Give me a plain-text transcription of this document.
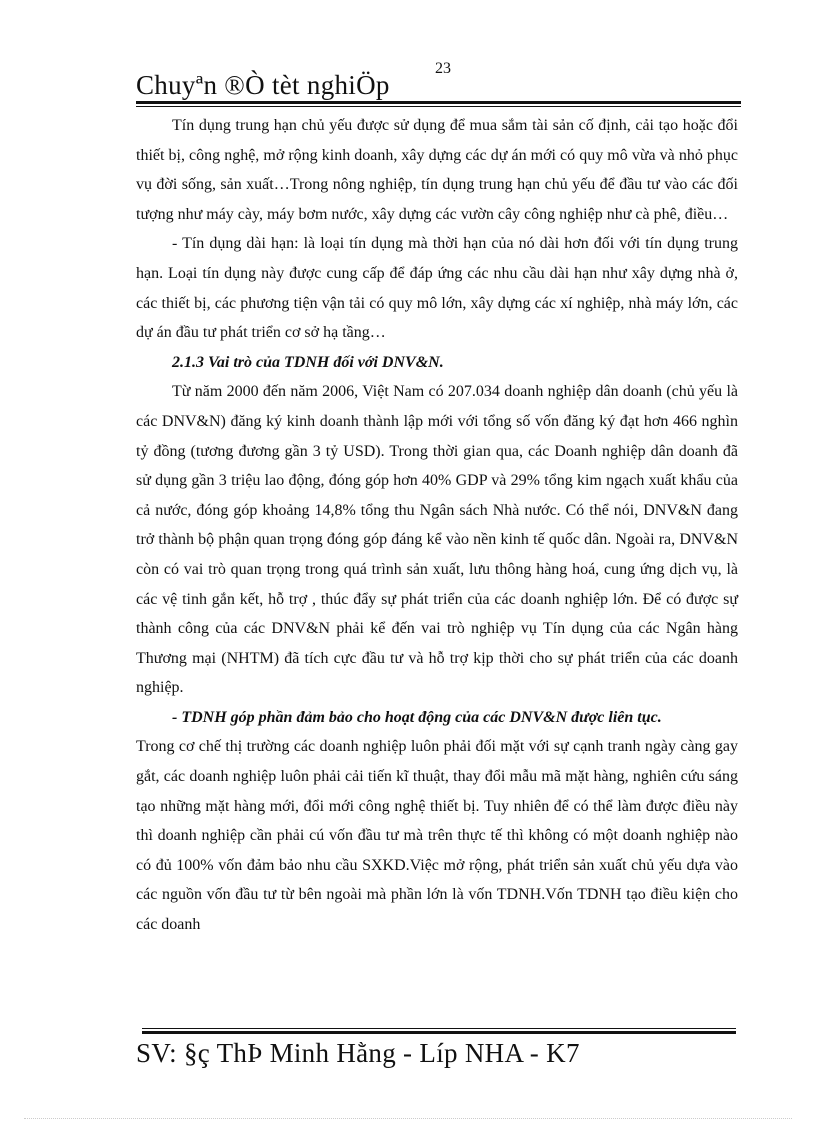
Chuyªn ®Ò tèt nghiÖp
23

Tín dụng trung hạn chủ yếu được sử dụng để mua sắm tài sản cố định, cải tạo hoặc đổi thiết bị, công nghệ, mở rộng kinh doanh, xây dựng các dự án mới có quy mô vừa và nhỏ phục vụ đời sống, sản xuất…Trong nông nghiệp, tín dụng trung hạn chủ yếu để đầu tư vào các đối tượng như máy cày, máy bơm nước, xây dựng các vườn cây công nghiệp như cà phê, điều…

- Tín dụng dài hạn: là loại tín dụng mà thời hạn của nó dài hơn đối với tín dụng trung hạn. Loại tín dụng này được cung cấp để đáp ứng các nhu cầu dài hạn như xây dựng nhà ở, các thiết bị, các phương tiện vận tải có quy mô lớn, xây dựng các xí nghiệp, nhà máy lớn, các dự án đầu tư phát triển cơ sở hạ tầng…

2.1.3 Vai trò của TDNH đối với DNV&N.

Từ năm 2000 đến năm 2006, Việt Nam có 207.034 doanh nghiệp dân doanh (chủ yếu là các DNV&N) đăng ký kinh doanh thành lập mới với tổng số vốn đăng ký đạt hơn 466 nghìn tỷ đồng (tương đương gần 3 tỷ USD). Trong thời gian qua, các Doanh nghiệp dân doanh đã sử dụng gần 3 triệu lao động, đóng góp hơn 40% GDP và 29% tổng kim ngạch xuất khẩu của cả nước, đóng góp khoảng 14,8% tổng thu Ngân sách Nhà nước. Có thể nói, DNV&N đang trở thành bộ phận quan trọng đóng góp đáng kể vào nền kinh tế quốc dân. Ngoài ra, DNV&N còn có vai trò quan trọng trong quá trình sản xuất, lưu thông hàng hoá, cung ứng dịch vụ, là các vệ tinh gắn kết, hỗ trợ , thúc đẩy sự phát triển của các doanh nghiệp lớn. Để có được sự thành công của các DNV&N phải kể đến vai trò nghiệp vụ Tín dụng của các Ngân hàng Thương mại (NHTM) đã tích cực đầu tư và hỗ trợ kịp thời cho sự phát triển của các doanh nghiệp.

- TDNH góp phần đảm bảo cho hoạt động của các DNV&N được liên tục.
Trong cơ chế thị trường các doanh nghiệp luôn phải đối mặt với sự cạnh tranh ngày càng gay gắt, các doanh nghiệp luôn phải cải tiến kĩ thuật, thay đổi mẫu mã mặt hàng, nghiên cứu sáng tạo những mặt hàng mới, đổi mới công nghệ thiết bị. Tuy nhiên để có thể làm được điều này thì doanh nghiệp cần phải cú vốn đầu tư mà trên thực tế thì không có một doanh nghiệp nào có đủ 100% vốn đảm bảo nhu cầu SXKD.Việc mở rộng, phát triển sản xuất chủ yếu dựa vào các nguồn vốn đầu tư từ bên ngoài mà phần lớn là vốn TDNH.Vốn TDNH tạo điều kiện cho các doanh

SV: §ç ThÞ Minh Hằng - Líp NHA - K7
